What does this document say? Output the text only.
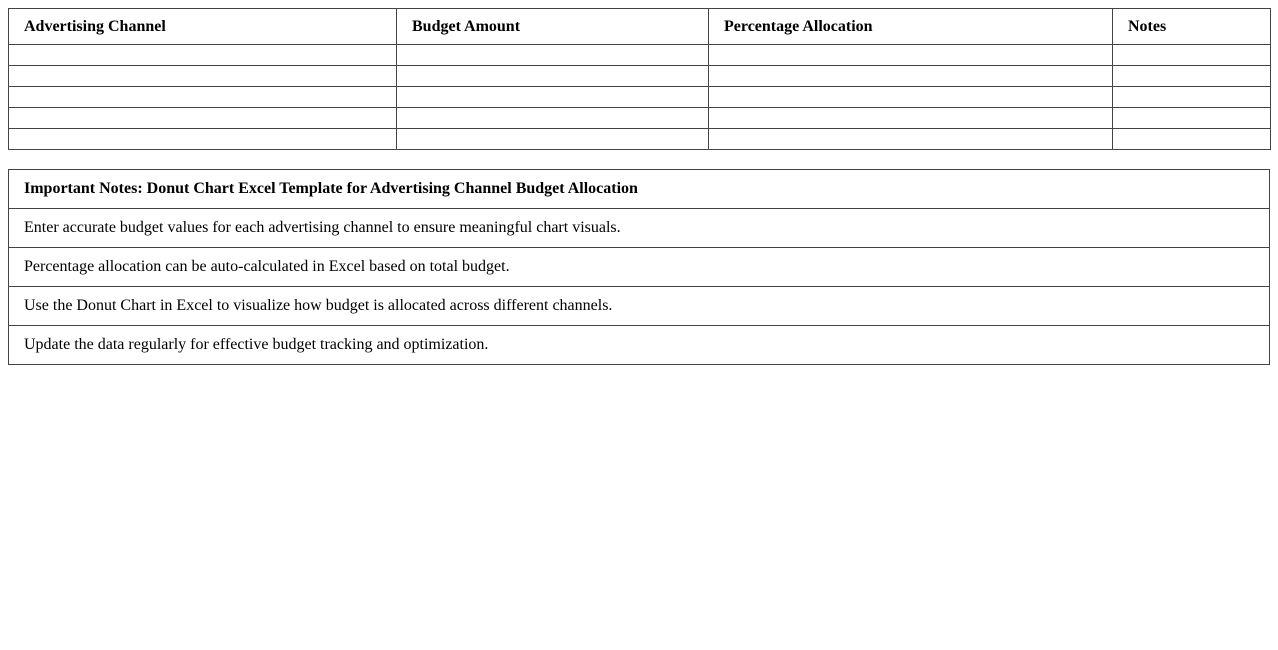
Advertising Channel	Budget Amount	Percentage Allocation	Notes

Important Notes: Donut Chart Excel Template for Advertising Channel Budget Allocation
Enter accurate budget values for each advertising channel to ensure meaningful chart visuals.
Percentage allocation can be auto-calculated in Excel based on total budget.
Use the Donut Chart in Excel to visualize how budget is allocated across different channels.
Update the data regularly for effective budget tracking and optimization.
